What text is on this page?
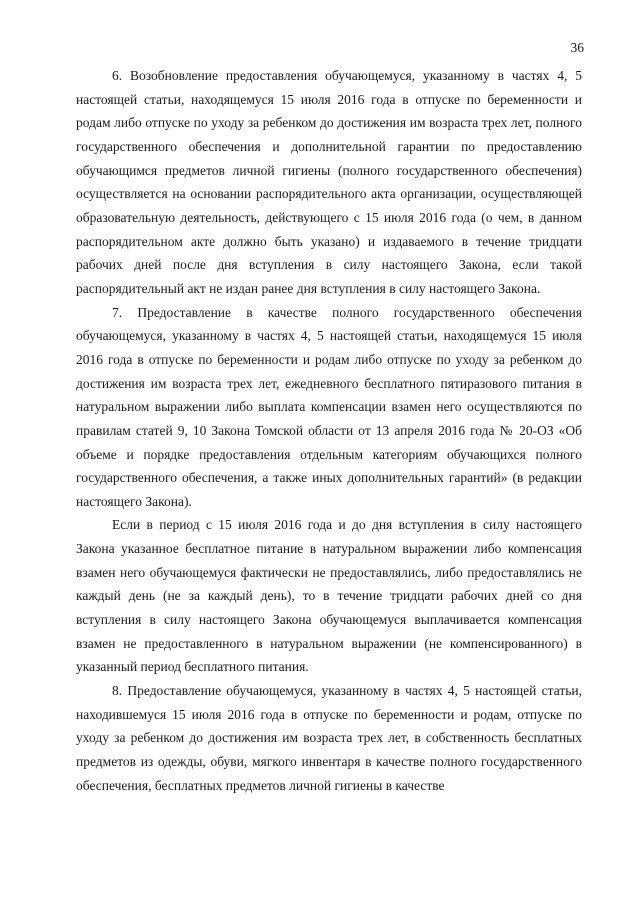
36

6. Возобновление предоставления обучающемуся, указанному в частях 4, 5 настоящей статьи, находящемуся 15 июля 2016 года в отпуске по беременности и родам либо отпуске по уходу за ребенком до достижения им возраста трех лет, полного государственного обеспечения и дополнительной гарантии по предоставлению обучающимся предметов личной гигиены (полного государственного обеспечения) осуществляется на основании распорядительного акта организации, осуществляющей образовательную деятельность, действующего с 15 июля 2016 года (о чем, в данном распорядительном акте должно быть указано) и издаваемого в течение тридцати рабочих дней после дня вступления в силу настоящего Закона, если такой распорядительный акт не издан ранее дня вступления в силу настоящего Закона.

7. Предоставление в качестве полного государственного обеспечения обучающемуся, указанному в частях 4, 5 настоящей статьи, находящемуся 15 июля 2016 года в отпуске по беременности и родам либо отпуске по уходу за ребенком до достижения им возраста трех лет, ежедневного бесплатного пятиразового питания в натуральном выражении либо выплата компенсации взамен него осуществляются по правилам статей 9, 10 Закона Томской области от 13 апреля 2016 года № 20-ОЗ «Об объеме и порядке предоставления отдельным категориям обучающихся полного государственного обеспечения, а также иных дополнительных гарантий» (в редакции настоящего Закона).

Если в период с 15 июля 2016 года и до дня вступления в силу настоящего Закона указанное бесплатное питание в натуральном выражении либо компенсация взамен него обучающемуся фактически не предоставлялись, либо предоставлялись не каждый день (не за каждый день), то в течение тридцати рабочих дней со дня вступления в силу настоящего Закона обучающемуся выплачивается компенсация взамен не предоставленного в натуральном выражении (не компенсированного) в указанный период бесплатного питания.

8. Предоставление обучающемуся, указанному в частях 4, 5 настоящей статьи, находившемуся 15 июля 2016 года в отпуске по беременности и родам, отпуске по уходу за ребенком до достижения им возраста трех лет, в собственность бесплатных предметов из одежды, обуви, мягкого инвентаря в качестве полного государственного обеспечения, бесплатных предметов личной гигиены в качестве
